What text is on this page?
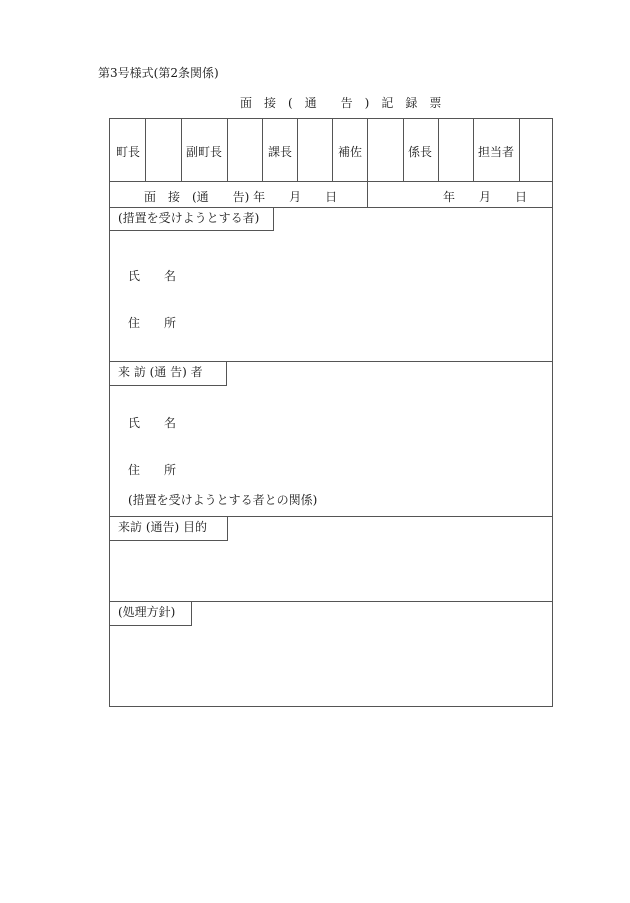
第3号様式(第2条関係)
面　接　(　通　　告　)　記　録　票
町長	副町長	課長	補佐	係長	担当者
面　接　(通　　告) 年　　月　　日	年　　月　　日
(措置を受けようとする者)
氏　　名
住　　所
来 訪 (通 告) 者
氏　　名
住　　所
(措置を受けようとする者との関係)
来訪 (通告) 目的
(処理方針)
